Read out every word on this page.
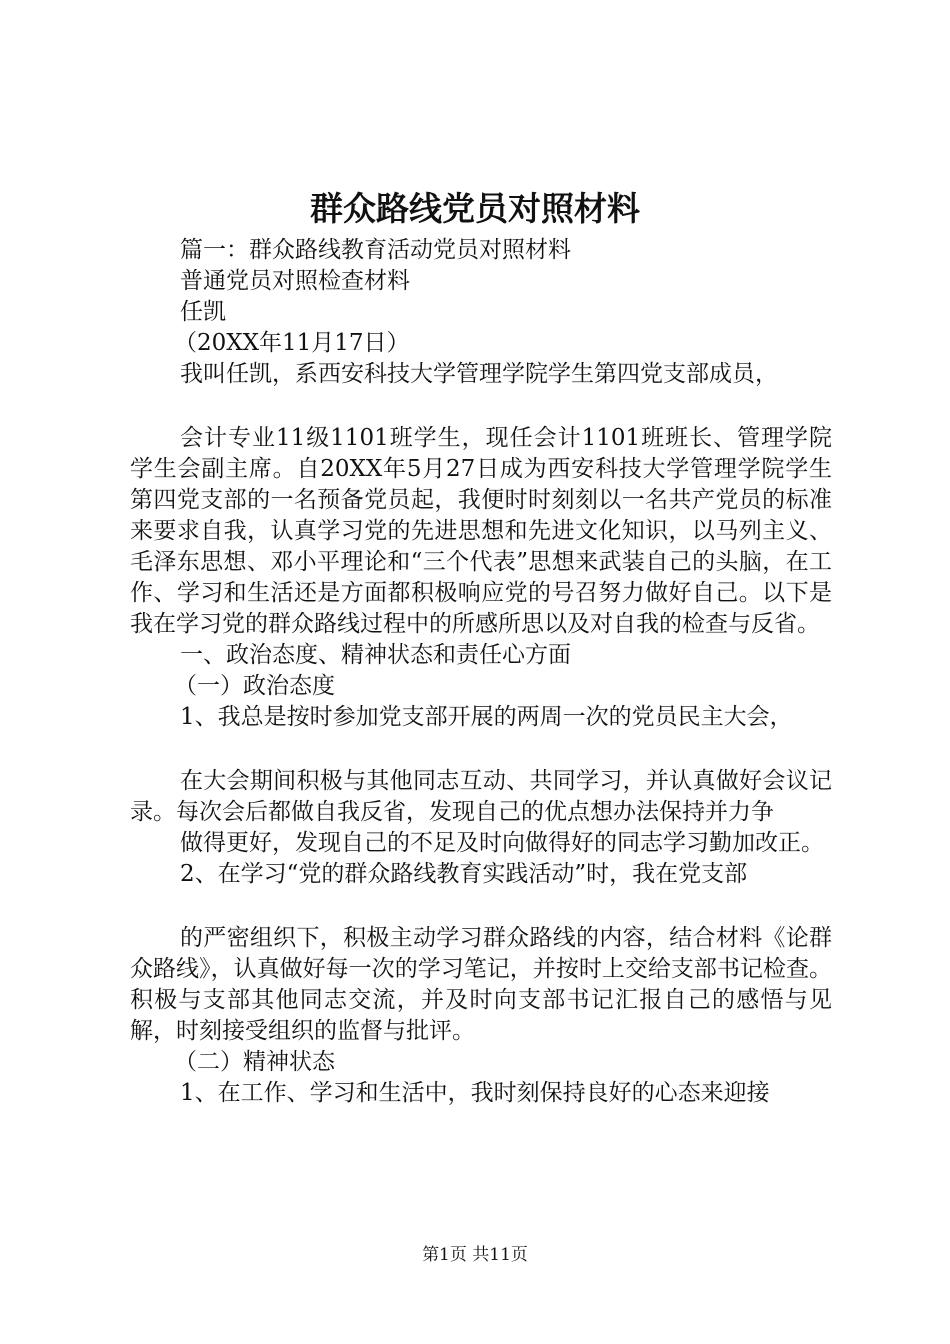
群众路线党员对照材料

篇一：群众路线教育活动党员对照材料

普通党员对照检查材料

任凯

（20XX年11月17日）

我叫任凯，系西安科技大学管理学院学生第四党支部成员，

会计专业11级1101班学生，现任会计1101班班长、管理学院学生会副主席。自20XX年5月27日成为西安科技大学管理学院学生第四党支部的一名预备党员起，我便时时刻刻以一名共产党员的标准来要求自我，认真学习党的先进思想和先进文化知识，以马列主义、毛泽东思想、邓小平理论和“三个代表”思想来武装自己的头脑，在工作、学习和生活还是方面都积极响应党的号召努力做好自己。以下是我在学习党的群众路线过程中的所感所思以及对自我的检查与反省。

一、政治态度、精神状态和责任心方面

（一）政治态度

1、我总是按时参加党支部开展的两周一次的党员民主大会，

在大会期间积极与其他同志互动、共同学习，并认真做好会议记录。每次会后都做自我反省，发现自己的优点想办法保持并力争

做得更好，发现自己的不足及时向做得好的同志学习勤加改正。

2、在学习“党的群众路线教育实践活动”时，我在党支部

的严密组织下，积极主动学习群众路线的内容，结合材料《论群众路线》，认真做好每一次的学习笔记，并按时上交给支部书记检查。积极与支部其他同志交流，并及时向支部书记汇报自己的感悟与见解，时刻接受组织的监督与批评。

（二）精神状态

1、在工作、学习和生活中，我时刻保持良好的心态来迎接

第1页 共11页
